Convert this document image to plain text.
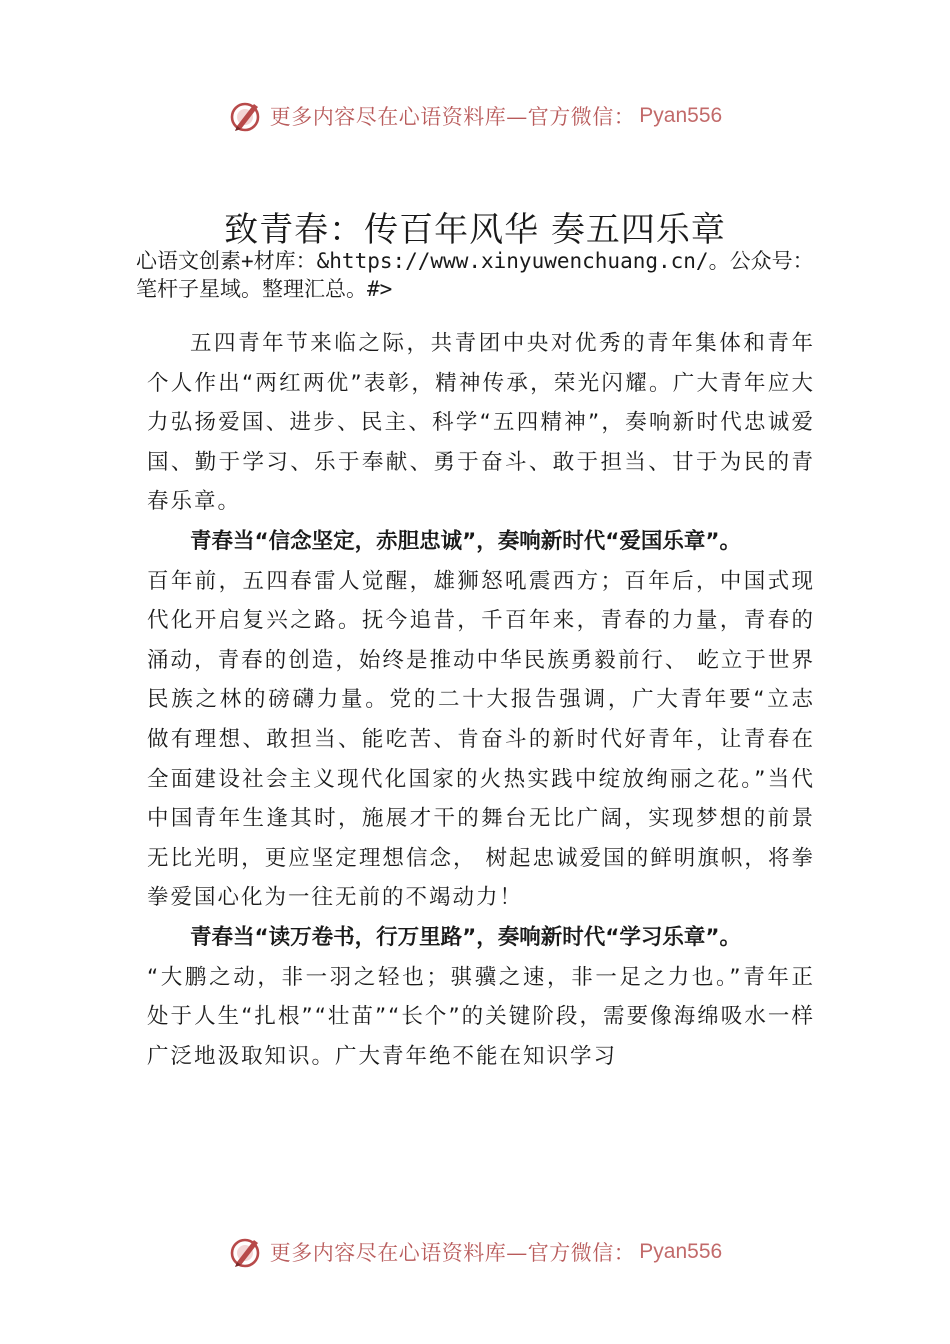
更多内容尽在心语资料库—官方微信： Pyan556
致青春：传百年风华 奏五四乐章

心语文创素+材库：&https://www.xinyuwenchuang.cn/。公众号：笔杆子星域。整理汇总。#>

五四青年节来临之际，共青团中央对优秀的青年集体和青年个人作出“两红两优”表彰，精神传承，荣光闪耀。广大青年应大力弘扬爱国、进步、民主、科学“五四精神”，奏响新时代忠诚爱国、勤于学习、乐于奉献、勇于奋斗、敢于担当、甘于为民的青春乐章。

青春当“信念坚定，赤胆忠诚”，奏响新时代“爱国乐章”。

百年前，五四春雷人觉醒，雄狮怒吼震西方；百年后，中国式现代化开启复兴之路。抚今追昔，千百年来，青春的力量，青春的涌动，青春的创造，始终是推动中华民族勇毅前行、 屹立于世界民族之林的磅礴力量。党的二十大报告强调，广大青年要“立志做有理想、敢担当、能吃苦、肯奋斗的新时代好青年，让青春在全面建设社会主义现代化国家的火热实践中绽放绚丽之花。”当代中国青年生逢其时，施展才干的舞台无比广阔，实现梦想的前景无比光明，更应坚定理想信念， 树起忠诚爱国的鲜明旗帜，将拳拳爱国心化为一往无前的不竭动力！

青春当“读万卷书，行万里路”，奏响新时代“学习乐章”。

“大鹏之动，非一羽之轻也；骐骥之速，非一足之力也。”青年正处于人生“扎根”“壮苗”“长个”的关键阶段，需要像海绵吸水一样广泛地汲取知识。广大青年绝不能在知识学习

更多内容尽在心语资料库—官方微信： Pyan556
